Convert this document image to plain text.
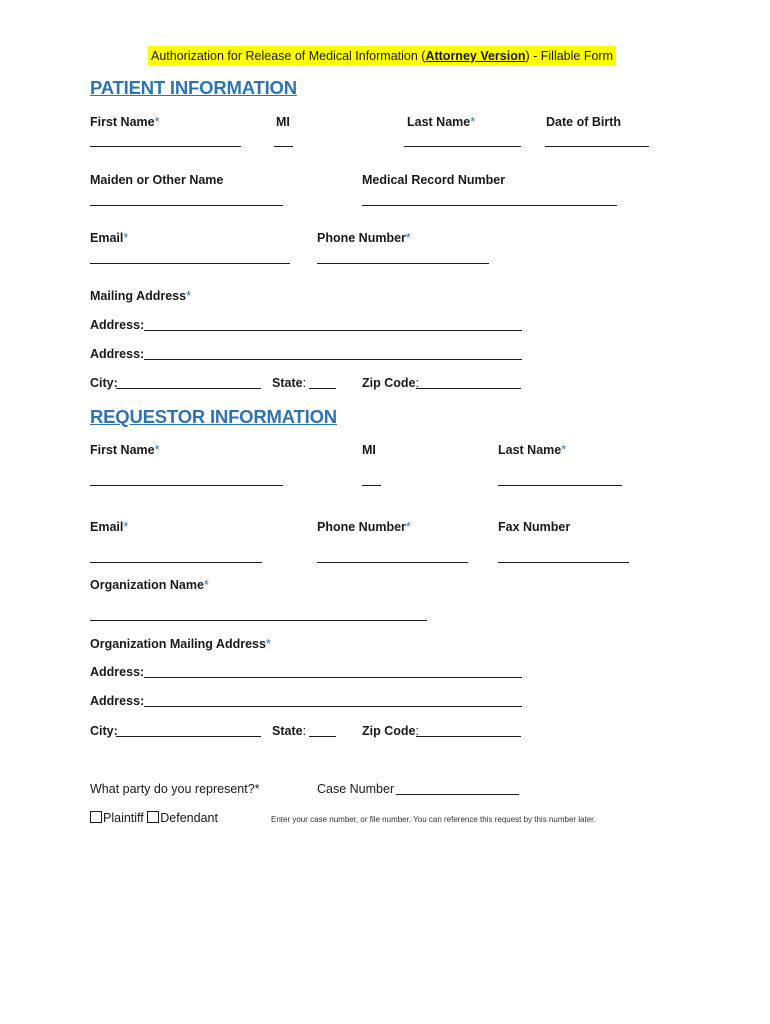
Authorization for Release of Medical Information (Attorney Version) - Fillable Form
PATIENT INFORMATION
First Name*	MI	Last Name*	Date of Birth
Maiden or Other Name	Medical Record Number
Email*	Phone Number*
Mailing Address*
Address:
Address:
City:	State:	Zip Code:
REQUESTOR INFORMATION
First Name*	MI	Last Name*
Email*	Phone Number*	Fax Number
Organization Name*
Organization Mailing Address*
Address:
Address:
City:	State:	Zip Code:
What party do you represent?*	Case Number
Plaintiff Defendant	Enter your case number, or file number. You can reference this request by this number later.
